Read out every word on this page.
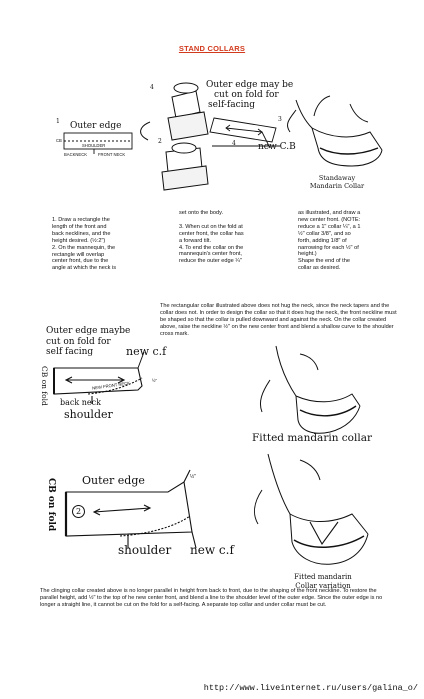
STAND COLLARS
4
1
2
3
4
Outer edge
CB
SHOULDER
BACKNECK	FRONT NECK
Outer edge may be
cut on fold for
self-facing
new C.B
Standaway
Mandarin Collar
1. Draw a rectangle the
length of the front and
back necklines, and the
height desired. (½:2")
2. On the mannequin, the
rectangle will overlap
center front, due to the
angle at which the neck is
set onto the body.

3. When cut on the fold at
center front, the collar has
a forward tilt.
4. To end the collar on the
mannequin's center front,
reduce the outer edge ¼"
as illustrated, and draw a
new center front. (NOTE:
reduce a 1" collar ¼", a 1
½" collar 3/8", and so
forth, adding 1/8" of
narrowing for each ½" of
height.)
Shape the end of the
collar as desired.
Outer edge maybe
cut on fold for
self facing	new c.f
CB on fold	NEW FRONT NECK	½"
back neck
shoulder
The rectangular collar illustrated above does not hug the neck, since the neck tapers and the collar does not. In order to design the collar so that it does hug the neck, the front neckline must be shaped so that the collar is pulled downward and against the neck. On the collar created above, raise the neckline ½" on the new center front and blend a shallow curve to the shoulder cross mark.
Fitted mandarin collar
Outer edge	½"
CB on fold	2
shoulder new c.f
Fitted mandarin
Collar variation
The clinging collar created above is no longer parallel in height from back to front, due to the shaping of the front neckline. To restore the parallel height, add ½" to the top of he new center front, and blend a line to the shoulder level of the outer edge. Since the outer edge is no longer a straight line, it cannot be cut on the fold for a self-facing. A separate top collar and under collar must be cut.
http://www.liveinternet.ru/users/galina_o/
